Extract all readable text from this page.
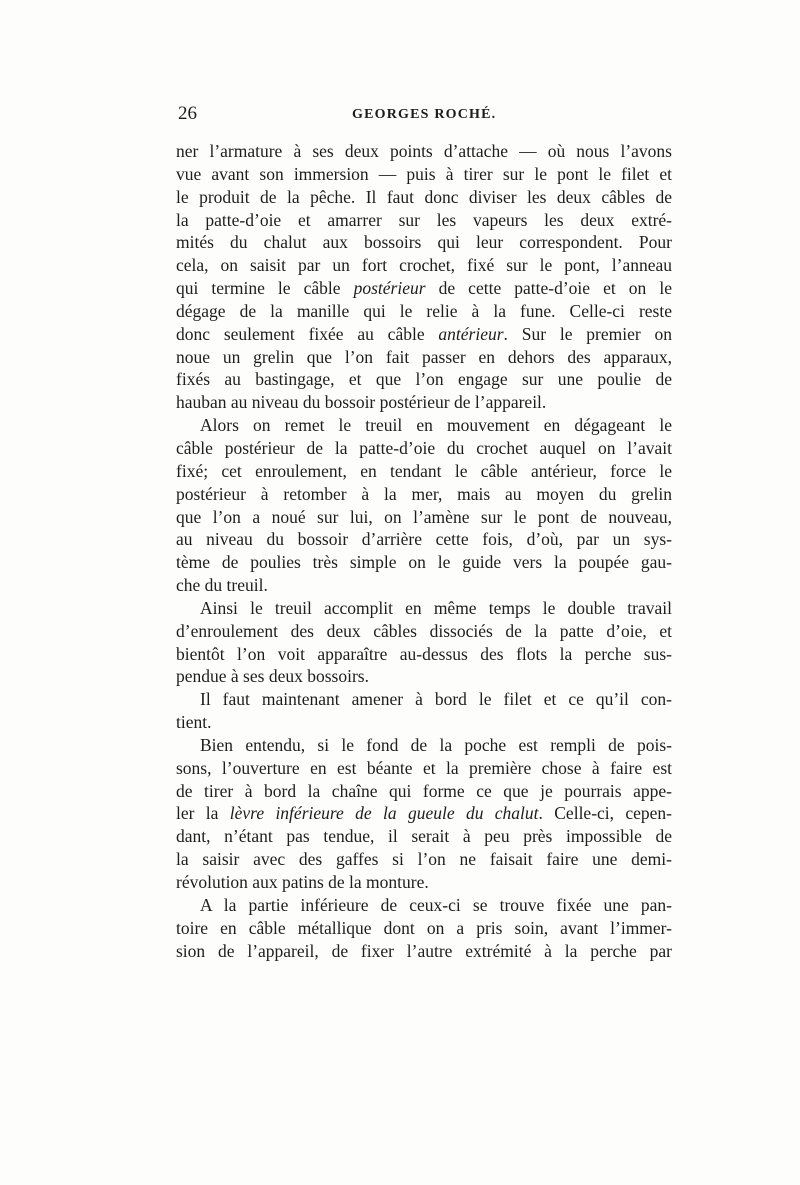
26	GEORGES ROCHÉ.
ner l’armature à ses deux points d’attache — où nous l’avons
vue avant son immersion — puis à tirer sur le pont le filet et
le produit de la pêche. Il faut donc diviser les deux câbles de
la patte-d’oie et amarrer sur les vapeurs les deux extré-
mités du chalut aux bossoirs qui leur correspondent. Pour
cela, on saisit par un fort crochet, fixé sur le pont, l’anneau
qui termine le câble postérieur de cette patte-d’oie et on le
dégage de la manille qui le relie à la fune. Celle-ci reste
donc seulement fixée au câble antérieur. Sur le premier on
noue un grelin que l’on fait passer en dehors des apparaux,
fixés au bastingage, et que l’on engage sur une poulie de
hauban au niveau du bossoir postérieur de l’appareil.
Alors on remet le treuil en mouvement en dégageant le
câble postérieur de la patte-d’oie du crochet auquel on l’avait
fixé; cet enroulement, en tendant le câble antérieur, force le
postérieur à retomber à la mer, mais au moyen du grelin
que l’on a noué sur lui, on l’amène sur le pont de nouveau,
au niveau du bossoir d’arrière cette fois, d’où, par un sys-
tème de poulies très simple on le guide vers la poupée gau-
che du treuil.
Ainsi le treuil accomplit en même temps le double travail
d’enroulement des deux câbles dissociés de la patte d’oie, et
bientôt l’on voit apparaître au-dessus des flots la perche sus-
pendue à ses deux bossoirs.
Il faut maintenant amener à bord le filet et ce qu’il con-
tient.
Bien entendu, si le fond de la poche est rempli de pois-
sons, l’ouverture en est béante et la première chose à faire est
de tirer à bord la chaîne qui forme ce que je pourrais appe-
ler la lèvre inférieure de la gueule du chalut. Celle-ci, cepen-
dant, n’étant pas tendue, il serait à peu près impossible de
la saisir avec des gaffes si l’on ne faisait faire une demi-
révolution aux patins de la monture.
A la partie inférieure de ceux-ci se trouve fixée une pan-
toire en câble métallique dont on a pris soin, avant l’immer-
sion de l’appareil, de fixer l’autre extrémité à la perche par
